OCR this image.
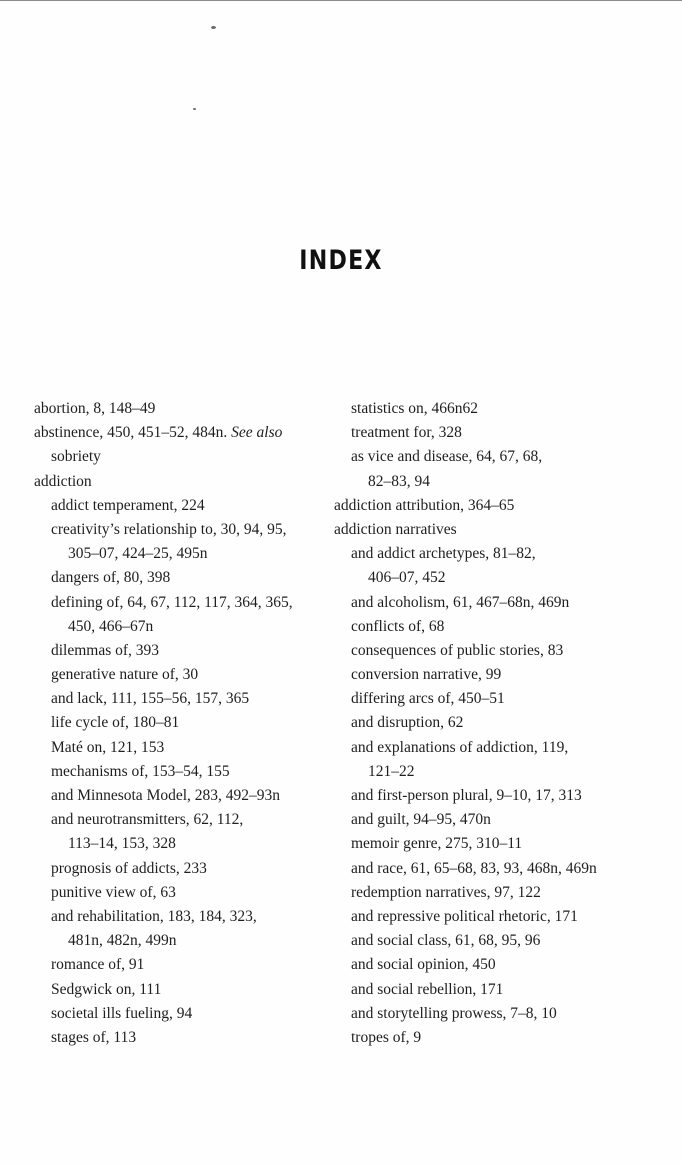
INDEX
abortion, 8, 148–49
abstinence, 450, 451–52, 484n. See also
sobriety
addiction
addict temperament, 224
creativity’s relationship to, 30, 94, 95,
305–07, 424–25, 495n
dangers of, 80, 398
defining of, 64, 67, 112, 117, 364, 365,
450, 466–67n
dilemmas of, 393
generative nature of, 30
and lack, 111, 155–56, 157, 365
life cycle of, 180–81
Maté on, 121, 153
mechanisms of, 153–54, 155
and Minnesota Model, 283, 492–93n
and neurotransmitters, 62, 112,
113–14, 153, 328
prognosis of addicts, 233
punitive view of, 63
and rehabilitation, 183, 184, 323,
481n, 482n, 499n
romance of, 91
Sedgwick on, 111
societal ills fueling, 94
stages of, 113
statistics on, 466n62
treatment for, 328
as vice and disease, 64, 67, 68,
82–83, 94
addiction attribution, 364–65
addiction narratives
and addict archetypes, 81–82,
406–07, 452
and alcoholism, 61, 467–68n, 469n
conflicts of, 68
consequences of public stories, 83
conversion narrative, 99
differing arcs of, 450–51
and disruption, 62
and explanations of addiction, 119,
121–22
and first-person plural, 9–10, 17, 313
and guilt, 94–95, 470n
memoir genre, 275, 310–11
and race, 61, 65–68, 83, 93, 468n, 469n
redemption narratives, 97, 122
and repressive political rhetoric, 171
and social class, 61, 68, 95, 96
and social opinion, 450
and social rebellion, 171
and storytelling prowess, 7–8, 10
tropes of, 9
